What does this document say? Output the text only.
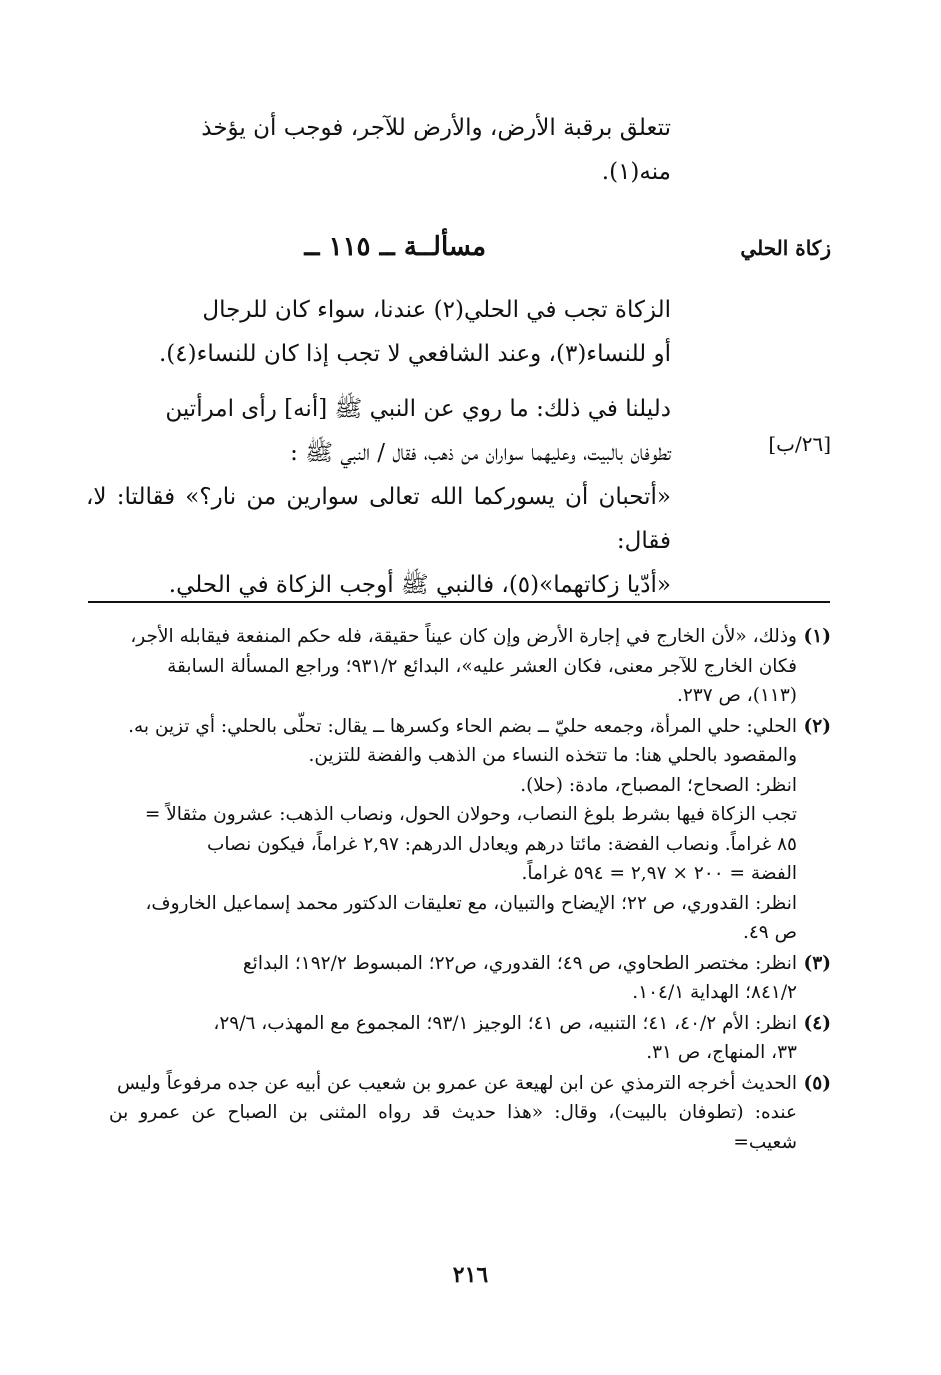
تتعلق برقبة الأرض، والأرض للآجر، فوجب أن يؤخذ
منه(١).
زكاة الحلي
مسألــة ــ ١١٥ ــ
الزكاة تجب في الحلي(٢) عندنا، سواء كان للرجال
أو للنساء(٣)، وعند الشافعي لا تجب إذا كان للنساء(٤).
[٢٦/ب]
دليلنا في ذلك: ما روي عن النبي ﷺ [أنه] رأى امرأتين
تطوفان بالبيت، وعليهما سواران من ذهب، فقال / النبي ﷺ :
«أتحبان أن يسوركما الله تعالى سوارين من نار؟» فقالتا: لا، فقال:
«أدّيا زكاتهما»(٥)، فالنبي ﷺ أوجب الزكاة في الحلي.
(١)
وذلك، «لأن الخارج في إجارة الأرض وإن كان عيناً حقيقة، فله حكم المنفعة فيقابله الأجر،
فكان الخارج للآجر معنى، فكان العشر عليه»، البدائع ٩٣١/٢؛ وراجع المسألة السابقة
(١١٣)، ص ٢٣٧.
(٢)
الحلي: حلي المرأة، وجمعه حليّ ــ بضم الحاء وكسرها ــ يقال: تحلّى بالحلي: أي تزين به.
والمقصود بالحلي هنا: ما تتخذه النساء من الذهب والفضة للتزين.
انظر: الصحاح؛ المصباح، مادة: (حلا).
تجب الزكاة فيها بشرط بلوغ النصاب، وحولان الحول، ونصاب الذهب: عشرون مثقالاً =
٨٥ غراماً. ونصاب الفضة: مائتا درهم ويعادل الدرهم: ٢,٩٧ غراماً، فيكون نصاب
الفضة = ٢٠٠ × ٢,٩٧ = ٥٩٤ غراماً.
انظر: القدوري، ص ٢٢؛ الإيضاح والتبيان، مع تعليقات الدكتور محمد إسماعيل الخاروف،
ص ٤٩.
(٣)
انظر: مختصر الطحاوي، ص ٤٩؛ القدوري، ص٢٢؛ المبسوط ١٩٢/٢؛ البدائع
٨٤١/٢؛ الهداية ١٠٤/١.
(٤)
انظر: الأم ٤٠/٢، ٤١؛ التنبيه، ص ٤١؛ الوجيز ٩٣/١؛ المجموع مع المهذب، ٢٩/٦،
٣٣، المنهاج، ص ٣١.
(٥)
الحديث أخرجه الترمذي عن ابن لهيعة عن عمرو بن شعيب عن أبيه عن جده مرفوعاً وليس
عنده: (تطوفان بالبيت)، وقال: «هذا حديث قد رواه المثنى بن الصباح عن عمرو بن شعيب=
٢١٦
